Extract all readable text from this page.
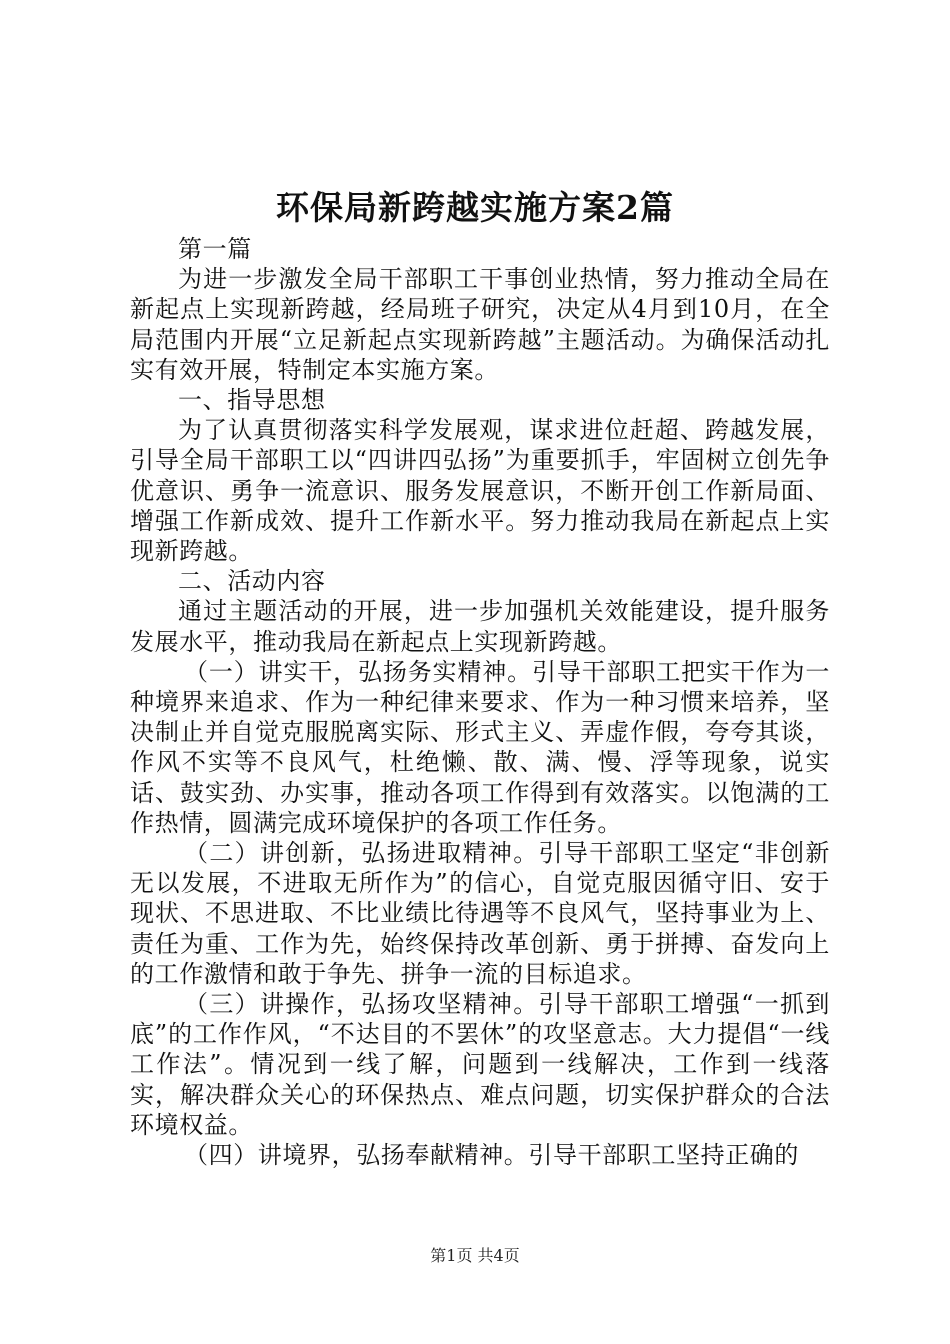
环保局新跨越实施方案2篇

第一篇

为进一步激发全局干部职工干事创业热情，努力推动全局在新起点上实现新跨越，经局班子研究，决定从4月到10月，在全局范围内开展“立足新起点实现新跨越”主题活动。为确保活动扎实有效开展，特制定本实施方案。

一、指导思想

为了认真贯彻落实科学发展观，谋求进位赶超、跨越发展，引导全局干部职工以“四讲四弘扬”为重要抓手，牢固树立创先争优意识、勇争一流意识、服务发展意识，不断开创工作新局面、增强工作新成效、提升工作新水平。努力推动我局在新起点上实现新跨越。

二、活动内容

通过主题活动的开展，进一步加强机关效能建设，提升服务发展水平，推动我局在新起点上实现新跨越。

（一）讲实干，弘扬务实精神。引导干部职工把实干作为一种境界来追求、作为一种纪律来要求、作为一种习惯来培养，坚决制止并自觉克服脱离实际、形式主义、弄虚作假，夸夸其谈，作风不实等不良风气，杜绝懒、散、满、慢、浮等现象，说实话、鼓实劲、办实事，推动各项工作得到有效落实。以饱满的工作热情，圆满完成环境保护的各项工作任务。

（二）讲创新，弘扬进取精神。引导干部职工坚定“非创新无以发展，不进取无所作为”的信心，自觉克服因循守旧、安于现状、不思进取、不比业绩比待遇等不良风气，坚持事业为上、责任为重、工作为先，始终保持改革创新、勇于拼搏、奋发向上的工作激情和敢于争先、拼争一流的目标追求。

（三）讲操作，弘扬攻坚精神。引导干部职工增强“一抓到底”的工作作风，“不达目的不罢休”的攻坚意志。大力提倡“一线工作法”。情况到一线了解，问题到一线解决，工作到一线落实，解决群众关心的环保热点、难点问题，切实保护群众的合法环境权益。

（四）讲境界，弘扬奉献精神。引导干部职工坚持正确的

第1页 共4页
